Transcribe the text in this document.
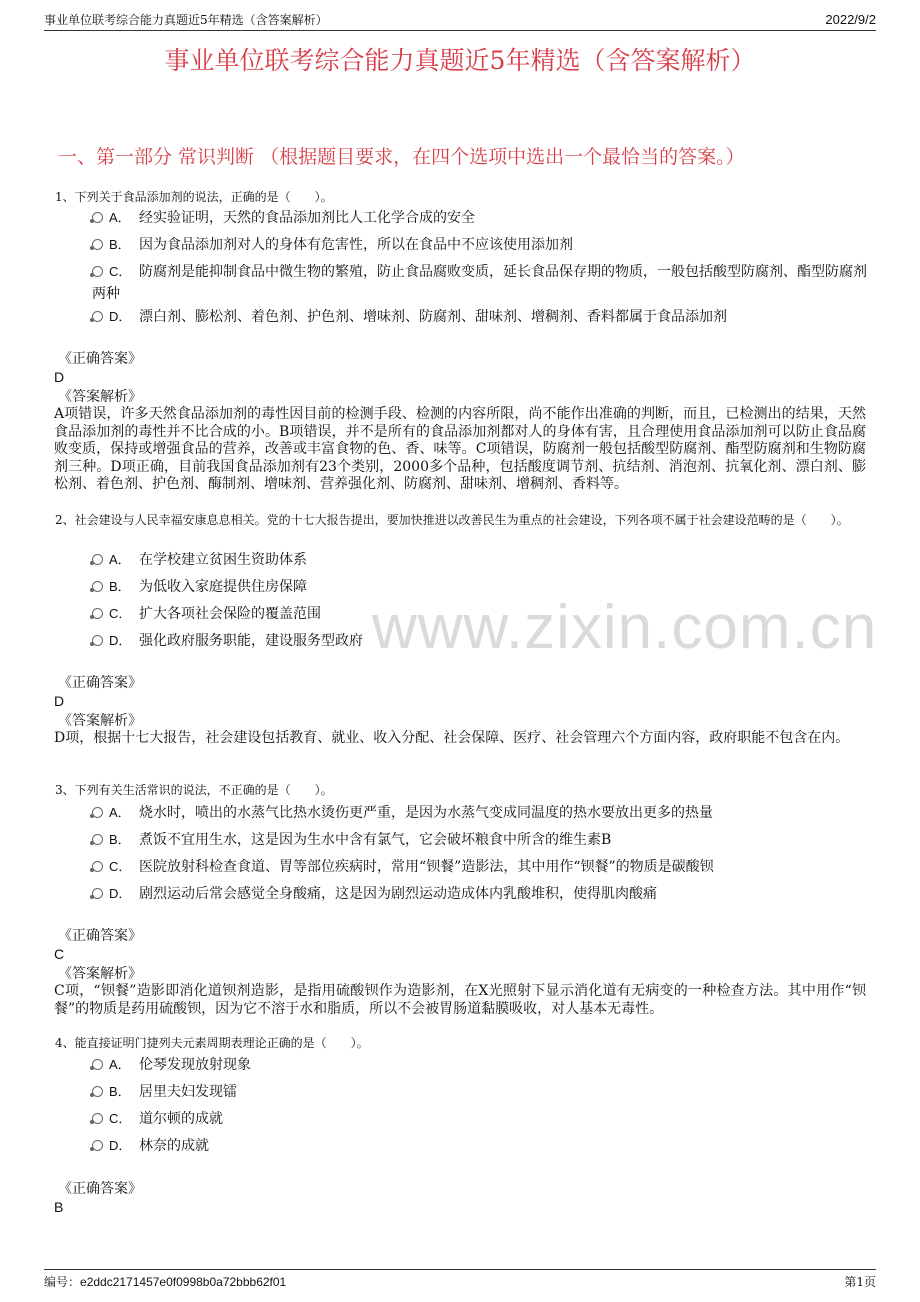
事业单位联考综合能力真题近5年精选（含答案解析）	2022/9/2
事业单位联考综合能力真题近5年精选（含答案解析）
一、第一部分 常识判断 （根据题目要求，在四个选项中选出一个最恰当的答案。）
www.zixin.com.cn
1、下列关于食品添加剂的说法，正确的是（　　）。
A． 经实验证明，天然的食品添加剂比人工化学合成的安全
B． 因为食品添加剂对人的身体有危害性，所以在食品中不应该使用添加剂
C． 防腐剂是能抑制食品中微生物的繁殖，防止食品腐败变质，延长食品保存期的物质，一般包括酸型防腐剂、酯型防腐剂两种
D． 漂白剂、膨松剂、着色剂、护色剂、增味剂、防腐剂、甜味剂、增稠剂、香料都属于食品添加剂
《正确答案》
D
《答案解析》
A项错误，许多天然食品添加剂的毒性因目前的检测手段、检测的内容所限，尚不能作出准确的判断，而且，已检测出的结果，天然食品添加剂的毒性并不比合成的小。B项错误，并不是所有的食品添加剂都对人的身体有害，且合理使用食品添加剂可以防止食品腐败变质，保持或增强食品的营养，改善或丰富食物的色、香、味等。C项错误，防腐剂一般包括酸型防腐剂、酯型防腐剂和生物防腐剂三种。D项正确，目前我国食品添加剂有23个类别，2000多个品种，包括酸度调节剂、抗结剂、消泡剂、抗氧化剂、漂白剂、膨松剂、着色剂、护色剂、酶制剂、增味剂、营养强化剂、防腐剂、甜味剂、增稠剂、香料等。
2、社会建设与人民幸福安康息息相关。党的十七大报告提出，要加快推进以改善民生为重点的社会建设，下列各项不属于社会建设范畴的是（　　）。
A． 在学校建立贫困生资助体系
B． 为低收入家庭提供住房保障
C． 扩大各项社会保险的覆盖范围
D． 强化政府服务职能，建设服务型政府
《正确答案》
D
《答案解析》
D项，根据十七大报告，社会建设包括教育、就业、收入分配、社会保障、医疗、社会管理六个方面内容，政府职能不包含在内。
3、下列有关生活常识的说法，不正确的是（　　）。
A． 烧水时，喷出的水蒸气比热水烫伤更严重，是因为水蒸气变成同温度的热水要放出更多的热量
B． 煮饭不宜用生水，这是因为生水中含有氯气，它会破坏粮食中所含的维生素B
C． 医院放射科检查食道、胃等部位疾病时，常用“钡餐”造影法，其中用作“钡餐”的物质是碳酸钡
D． 剧烈运动后常会感觉全身酸痛，这是因为剧烈运动造成体内乳酸堆积，使得肌肉酸痛
《正确答案》
C
《答案解析》
C项，“钡餐”造影即消化道钡剂造影，是指用硫酸钡作为造影剂，在X光照射下显示消化道有无病变的一种检查方法。其中用作“钡餐”的物质是药用硫酸钡，因为它不溶于水和脂质，所以不会被胃肠道黏膜吸收，对人基本无毒性。
4、能直接证明门捷列夫元素周期表理论正确的是（　　）。
A． 伦琴发现放射现象
B． 居里夫妇发现镭
C． 道尔顿的成就
D． 林奈的成就
《正确答案》
B
编号：e2ddc2171457e0f0998b0a72bbb62f01	第1页
